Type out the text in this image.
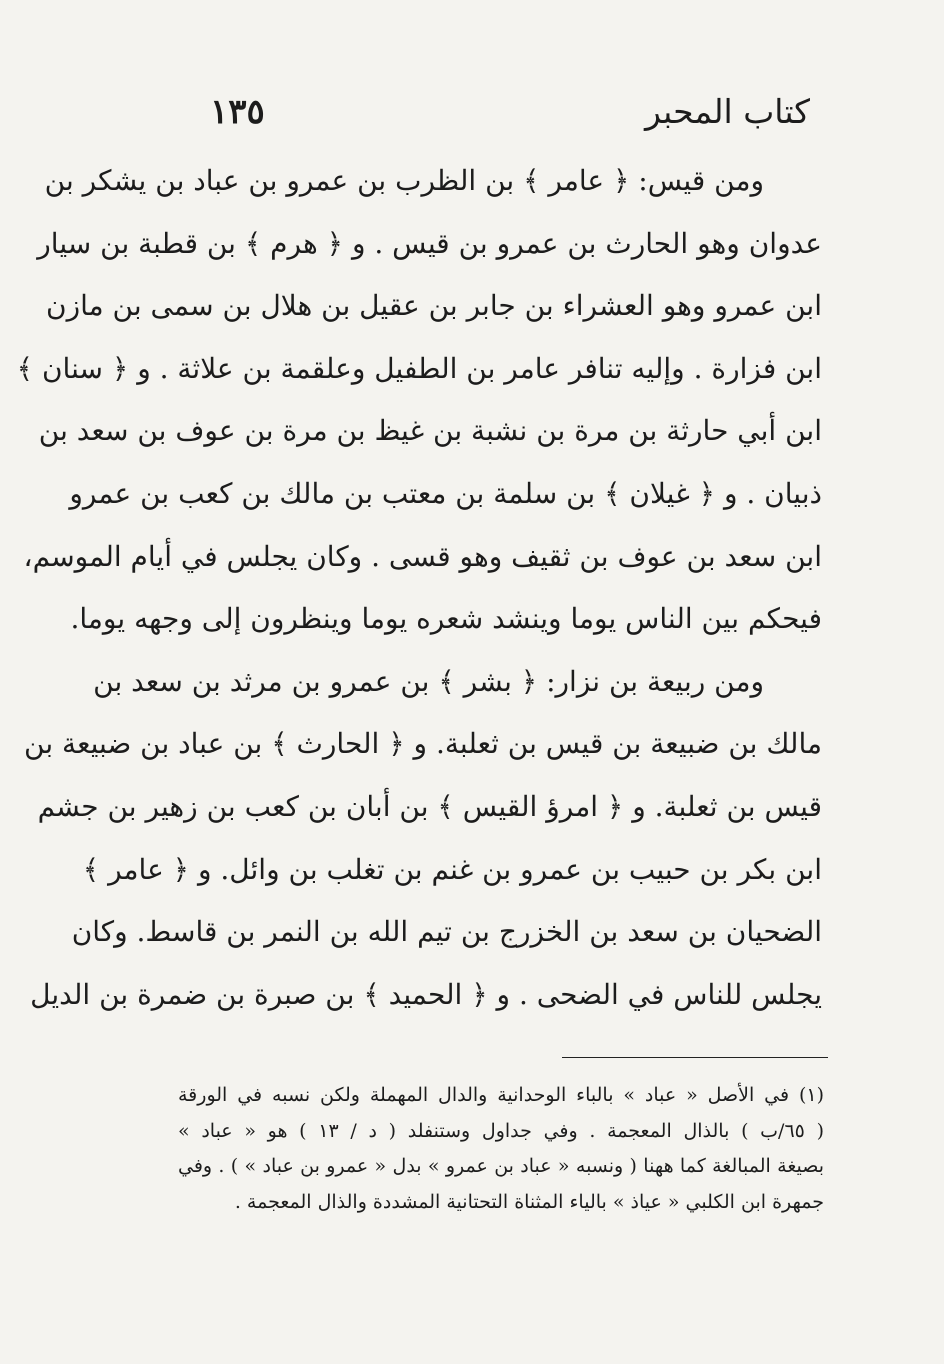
كتاب المحبر
١٣٥
ومن قيس: ﴿ عامر ﴾ بن الظرب بن عمرو بن عباد بن يشكر بن
عدوان وهو الحارث بن عمرو بن قيس . و ﴿ هرم ﴾ بن قطبة بن سيار
ابن عمرو وهو العشراء بن جابر بن عقيل بن هلال بن سمى بن مازن
ابن فزارة . وإليه تنافر عامر بن الطفيل وعلقمة بن علاثة . و ﴿ سنان ﴾
ابن أبي حارثة بن مرة بن نشبة بن غيظ بن مرة بن عوف بن سعد بن
ذبيان . و ﴿ غيلان ﴾ بن سلمة بن معتب بن مالك بن كعب بن عمرو
ابن سعد بن عوف بن ثقيف وهو قسى . وكان يجلس في أيام الموسم،
فيحكم بين الناس يوما وينشد شعره يوما وينظرون إلى وجهه يوما.
ومن ربيعة بن نزار: ﴿ بشر ﴾ بن عمرو بن مرثد بن سعد بن
مالك بن ضبيعة بن قيس بن ثعلبة. و ﴿ الحارث ﴾ بن عباد بن ضبيعة بن
قيس بن ثعلبة. و ﴿ امرؤ القيس ﴾ بن أبان بن كعب بن زهير بن جشم
ابن بكر بن حبيب بن عمرو بن غنم بن تغلب بن وائل. و ﴿ عامر ﴾
الضحيان بن سعد بن الخزرج بن تيم الله بن النمر بن قاسط. وكان
يجلس للناس في الضحى . و ﴿ الحميد ﴾ بن صبرة بن ضمرة بن الديل
(١) في الأصل « عباد » بالباء الوحدانية والدال المهملة ولكن نسبه في الورقة
( ٦٥/ب ) بالذال المعجمة . وفي جداول وستنفلد ( د / ١٣ ) هو « عباد »
بصيغة المبالغة كما ههنا ( ونسبه « عباد بن عمرو » بدل « عمرو بن عباد » ) . وفي
جمهرة ابن الكلبي « عياذ » بالياء المثناة التحتانية المشددة والذال المعجمة .
